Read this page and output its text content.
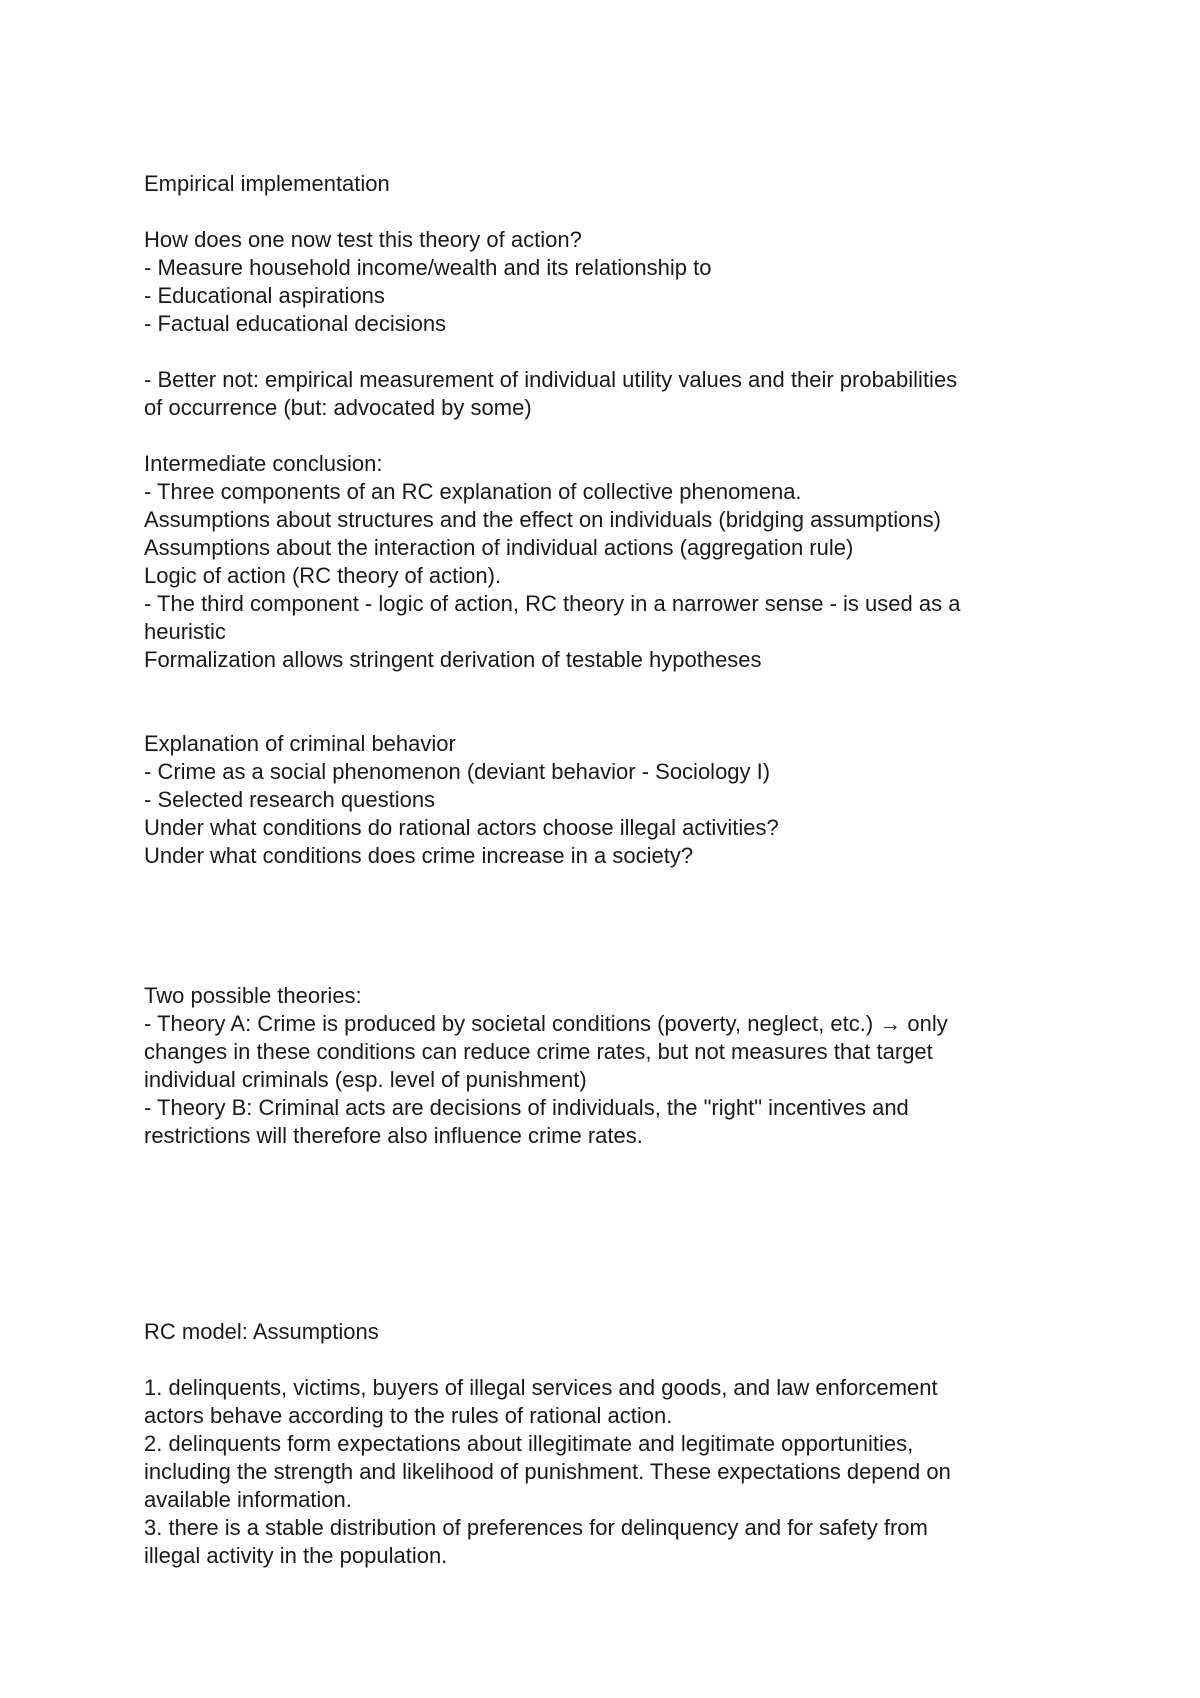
Empirical implementation
How does one now test this theory of action?
- Measure household income/wealth and its relationship to
- Educational aspirations
- Factual educational decisions
- Better not: empirical measurement of individual utility values and their probabilities
of occurrence (but: advocated by some)
Intermediate conclusion:
- Three components of an RC explanation of collective phenomena.
Assumptions about structures and the effect on individuals (bridging assumptions)
Assumptions about the interaction of individual actions (aggregation rule)
Logic of action (RC theory of action).
- The third component - logic of action, RC theory in a narrower sense - is used as a
heuristic
Formalization allows stringent derivation of testable hypotheses
Explanation of criminal behavior
- Crime as a social phenomenon (deviant behavior - Sociology I)
- Selected research questions
Under what conditions do rational actors choose illegal activities?
Under what conditions does crime increase in a society?
Two possible theories:
- Theory A: Crime is produced by societal conditions (poverty, neglect, etc.) → only
changes in these conditions can reduce crime rates, but not measures that target
individual criminals (esp. level of punishment)
- Theory B: Criminal acts are decisions of individuals, the "right" incentives and
restrictions will therefore also influence crime rates.
RC model: Assumptions
1. delinquents, victims, buyers of illegal services and goods, and law enforcement
actors behave according to the rules of rational action.
2. delinquents form expectations about illegitimate and legitimate opportunities,
including the strength and likelihood of punishment. These expectations depend on
available information.
3. there is a stable distribution of preferences for delinquency and for safety from
illegal activity in the population.
